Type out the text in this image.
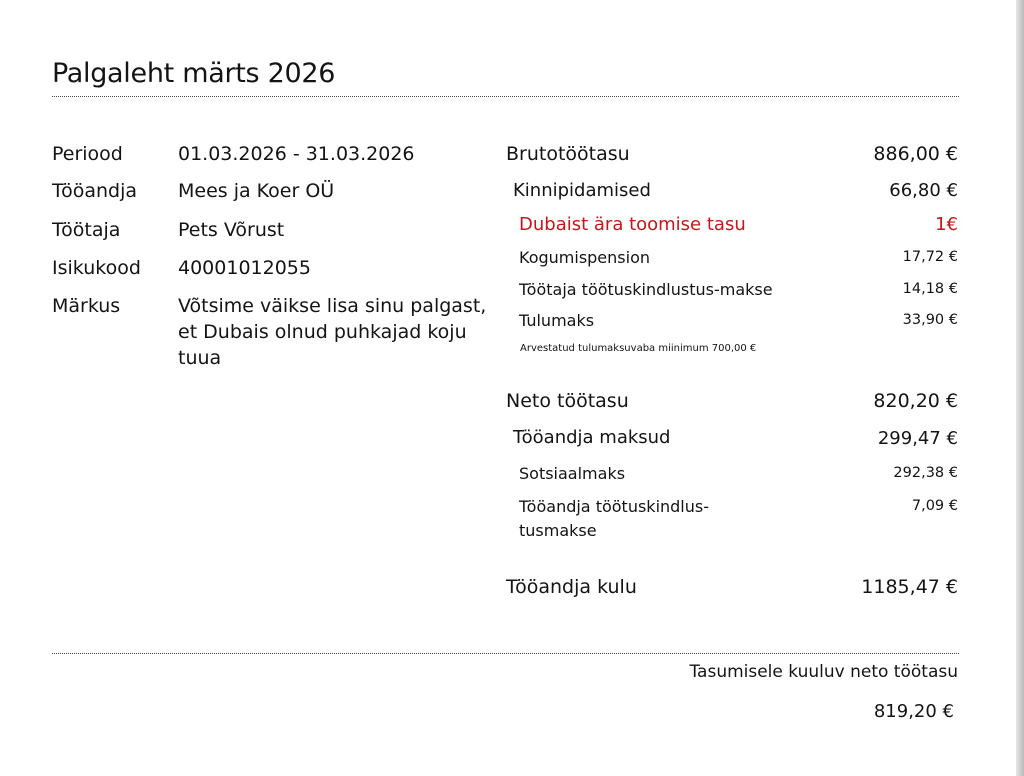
Palgaleht märts 2026
Periood	01.03.2026 - 31.03.2026
Tööandja Mees ja Koer OÜ
Töötaja	Pets Võrust
Isikukood 40001012055
Märkus	Võtsime väikse lisa sinu palgast, et Dubais olnud puhkajad koju tuua
Brutotöötasu	886,00 €
Kinnipidamised	66,80 €
Dubaist ära toomise tasu	1€
Kogumispension	17,72 €
Töötaja töötuskindlustus-makse	14,18 €
Tulumaks	33,90 €
Arvestatud tulumaksuvaba miinimum 700,00 €
Neto töötasu	820,20 €
Tööandja maksud	299,47 €
Sotsiaalmaks	292,38 €
Tööandja töötuskindlus-tusmakse
7,09 €
Tööandja kulu	1185,47 €
Tasumisele kuuluv neto töötasu
819,20 €
